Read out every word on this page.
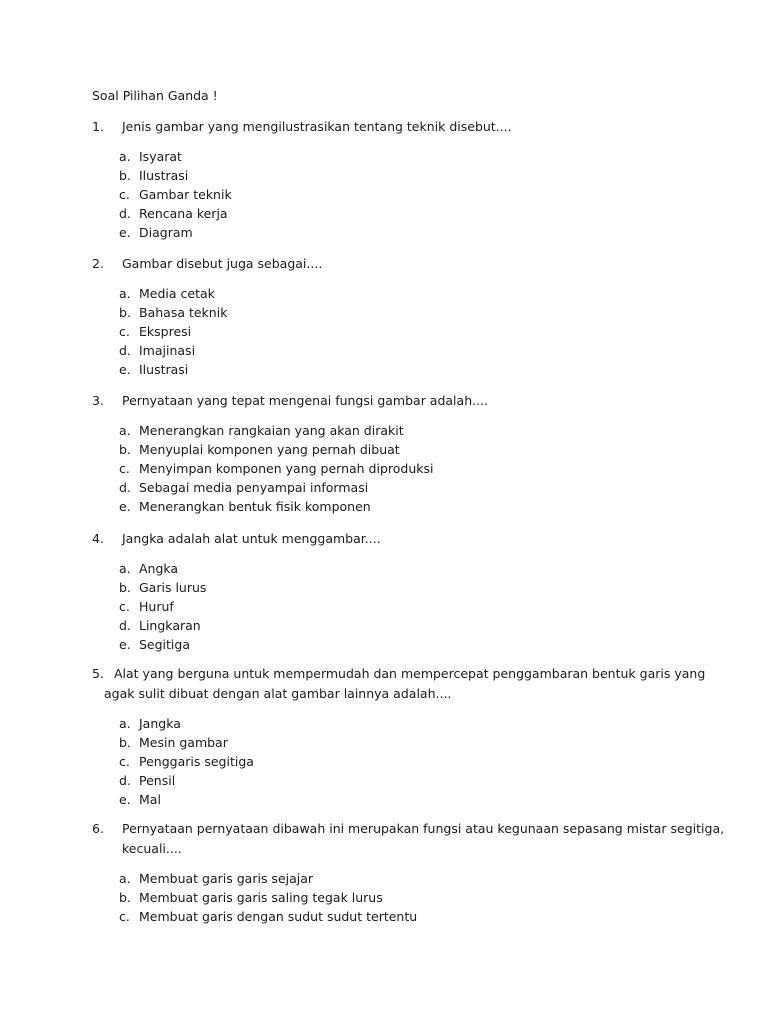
Soal Pilihan Ganda !
1. Jenis gambar yang mengilustrasikan tentang teknik disebut....
a. Isyarat
b. Ilustrasi
c. Gambar teknik
d. Rencana kerja
e. Diagram
2. Gambar disebut juga sebagai....
a. Media cetak
b. Bahasa teknik
c. Ekspresi
d. Imajinasi
e. Ilustrasi
3. Pernyataan yang tepat mengenai fungsi gambar adalah....
a. Menerangkan rangkaian yang akan dirakit
b. Menyuplai komponen yang pernah dibuat
c. Menyimpan komponen yang pernah diproduksi
d. Sebagai media penyampai informasi
e. Menerangkan bentuk fisik komponen
4. Jangka adalah alat untuk menggambar....
a. Angka
b. Garis lurus
c. Huruf
d. Lingkaran
e. Segitiga
5. Alat yang berguna untuk mempermudah dan mempercepat penggambaran bentuk garis yang
agak sulit dibuat dengan alat gambar lainnya adalah....
a. Jangka
b. Mesin gambar
c. Penggaris segitiga
d. Pensil
e. Mal
6. Pernyataan pernyataan dibawah ini merupakan fungsi atau kegunaan sepasang mistar segitiga,
kecuali....
a. Membuat garis garis sejajar
b. Membuat garis garis saling tegak lurus
c. Membuat garis dengan sudut sudut tertentu
